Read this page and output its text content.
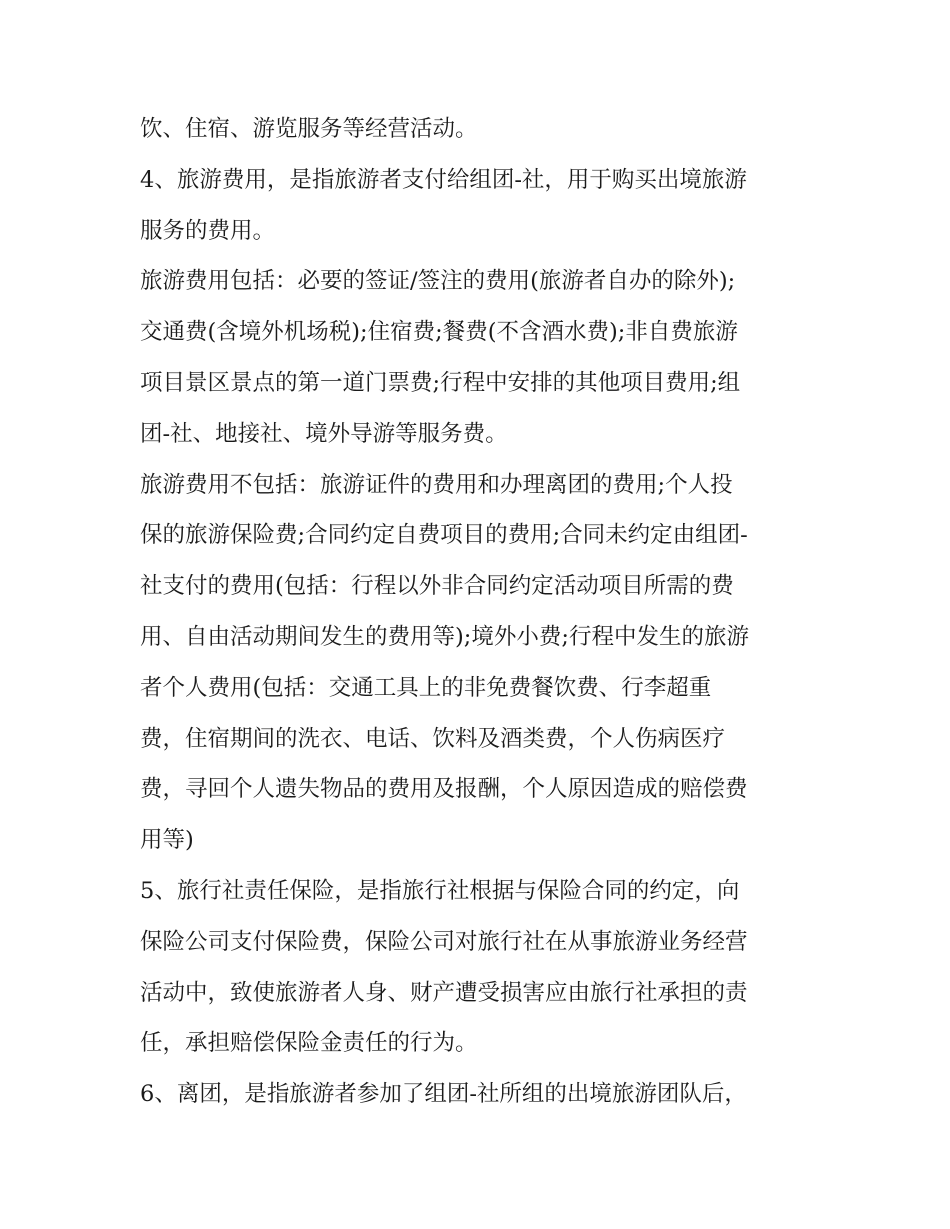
饮、住宿、游览服务等经营活动。
4、旅游费用，是指旅游者支付给组团-社，用于购买出境旅游
服务的费用。
旅游费用包括：必要的签证/签注的费用(旅游者自办的除外);
交通费(含境外机场税);住宿费;餐费(不含酒水费);非自费旅游
项目景区景点的第一道门票费;行程中安排的其他项目费用;组
团-社、地接社、境外导游等服务费。
旅游费用不包括：旅游证件的费用和办理离团的费用;个人投
保的旅游保险费;合同约定自费项目的费用;合同未约定由组团-
社支付的费用(包括：行程以外非合同约定活动项目所需的费
用、自由活动期间发生的费用等);境外小费;行程中发生的旅游
者个人费用(包括：交通工具上的非免费餐饮费、行李超重
费，住宿期间的洗衣、电话、饮料及酒类费，个人伤病医疗
费，寻回个人遗失物品的费用及报酬，个人原因造成的赔偿费
用等)
5、旅行社责任保险，是指旅行社根据与保险合同的约定，向
保险公司支付保险费，保险公司对旅行社在从事旅游业务经营
活动中，致使旅游者人身、财产遭受损害应由旅行社承担的责
任，承担赔偿保险金责任的行为。
6、离团，是指旅游者参加了组团-社所组的出境旅游团队后，
